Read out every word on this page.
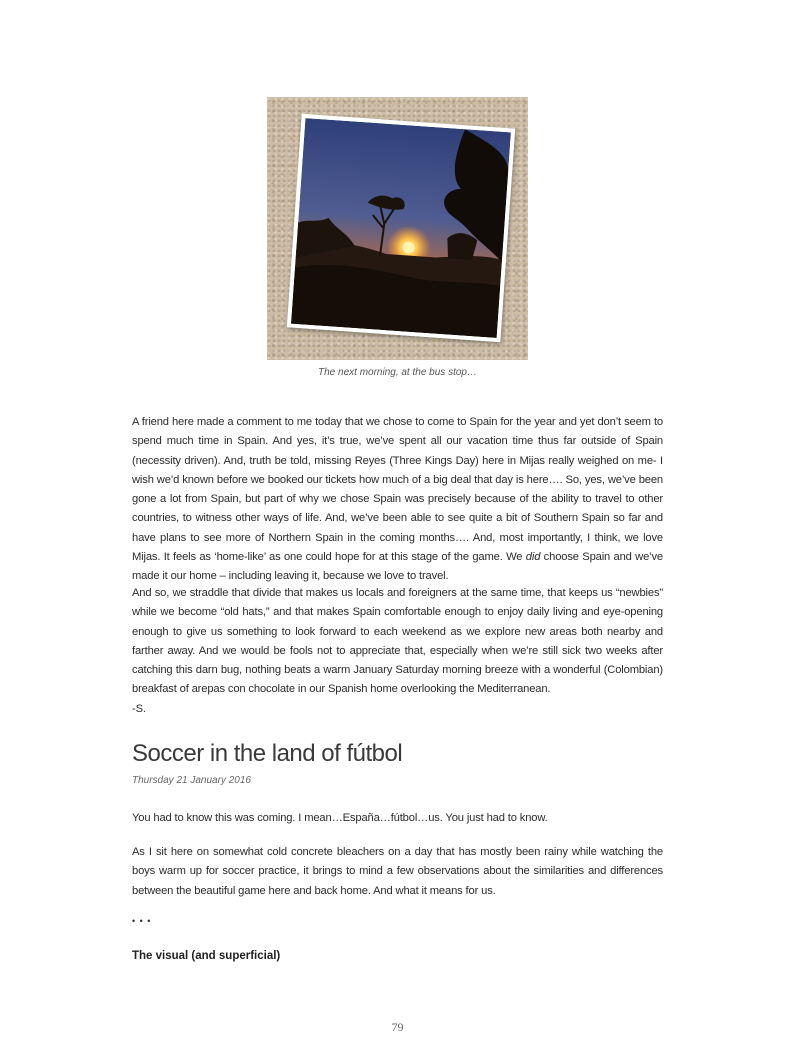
The next morning, at the bus stop…

A friend here made a comment to me today that we chose to come to Spain for the year and yet don’t seem to spend much time in Spain. And yes, it’s true, we’ve spent all our vacation time thus far outside of Spain (necessity driven). And, truth be told, missing Reyes (Three Kings Day) here in Mijas really weighed on me- I wish we’d known before we booked our tickets how much of a big deal that day is here…. So, yes, we’ve been gone a lot from Spain, but part of why we chose Spain was precisely because of the ability to travel to other countries, to witness other ways of life. And, we’ve been able to see quite a bit of Southern Spain so far and have plans to see more of Northern Spain in the coming months…. And, most importantly, I think, we love Mijas. It feels as ‘home-like’ as one could hope for at this stage of the game. We did choose Spain and we’ve made it our home – including leaving it, because we love to travel.

And so, we straddle that divide that makes us locals and foreigners at the same time, that keeps us “newbies” while we become “old hats,” and that makes Spain comfortable enough to enjoy daily living and eye-opening enough to give us something to look forward to each weekend as we explore new areas both nearby and farther away. And we would be fools not to appreciate that, especially when we’re still sick two weeks after catching this darn bug, nothing beats a warm January Saturday morning breeze with a wonderful (Colombian) breakfast of arepas con chocolate in our Spanish home overlooking the Mediterranean.

-S.
Soccer in the land of fútbol
Thursday 21 January 2016

You had to know this was coming. I mean…España…fútbol…us. You just had to know.

As I sit here on somewhat cold concrete bleachers on a day that has mostly been rainy while watching the boys warm up for soccer practice, it brings to mind a few observations about the similarities and differences between the beautiful game here and back home. And what it means for us.

• • •
The visual (and superficial)
79
